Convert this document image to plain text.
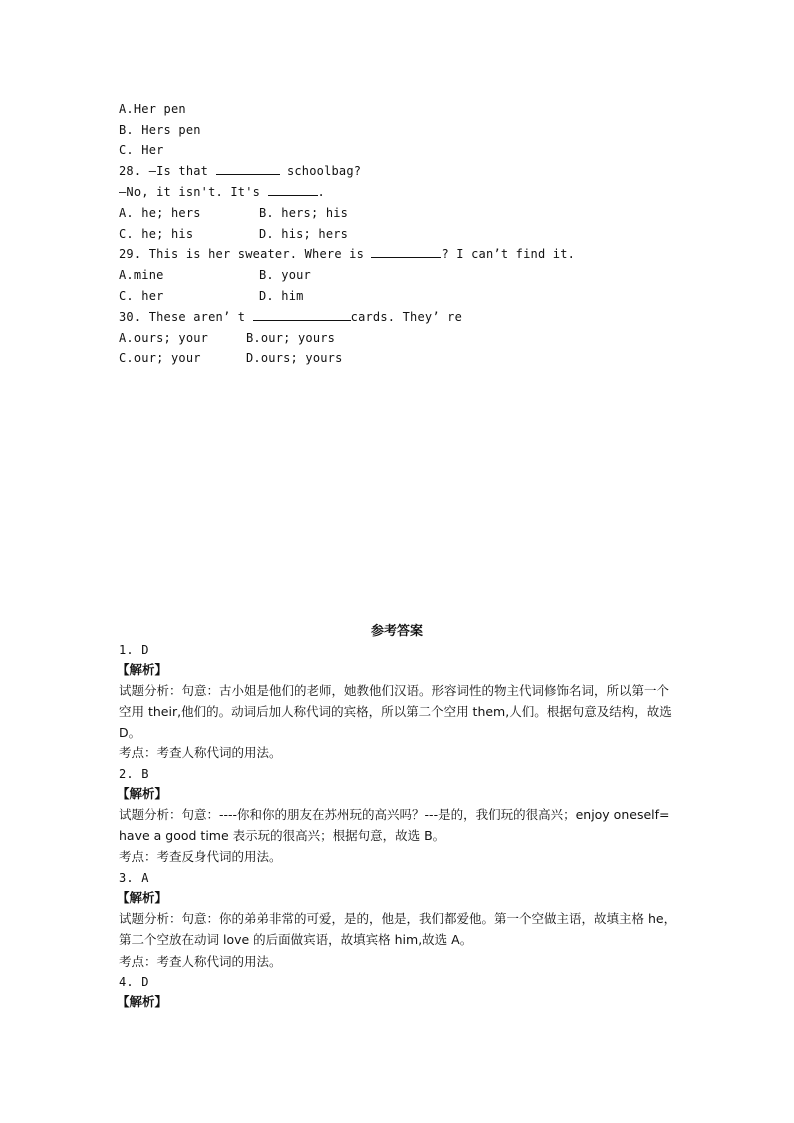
A.Her pen
B. Hers pen
C. Her
28. —Is that	schoolbag?
—No, it isn't. It's	.
A. he; hers	B. hers; his
C. he; his	D. his; hers
29. This is her sweater. Where is	? I can’t find it.
A.mine	B. your
C. her	D. him
30. These aren’ t	cards. They’ re
A.ours; your	B.our; yours
C.our; your	D.ours; yours
参考答案
1. D
【解析】
试题分析：句意：古小姐是他们的老师，她教他们汉语。形容词性的物主代词修饰名词，所以第一个空用 their,他们的。动词后加人称代词的宾格，所以第二个空用 them,人们。根据句意及结构，故选 D。
考点：考查人称代词的用法。
2. B
【解析】
试题分析：句意：----你和你的朋友在苏州玩的高兴吗？---是的，我们玩的很高兴；enjoy oneself= have a good time 表示玩的很高兴；根据句意，故选 B。
考点：考查反身代词的用法。
3. A
【解析】
试题分析：句意：你的弟弟非常的可爱，是的，他是，我们都爱他。第一个空做主语，故填主格 he，第二个空放在动词 love 的后面做宾语，故填宾格 him,故选 A。
考点：考查人称代词的用法。
4. D
【解析】
